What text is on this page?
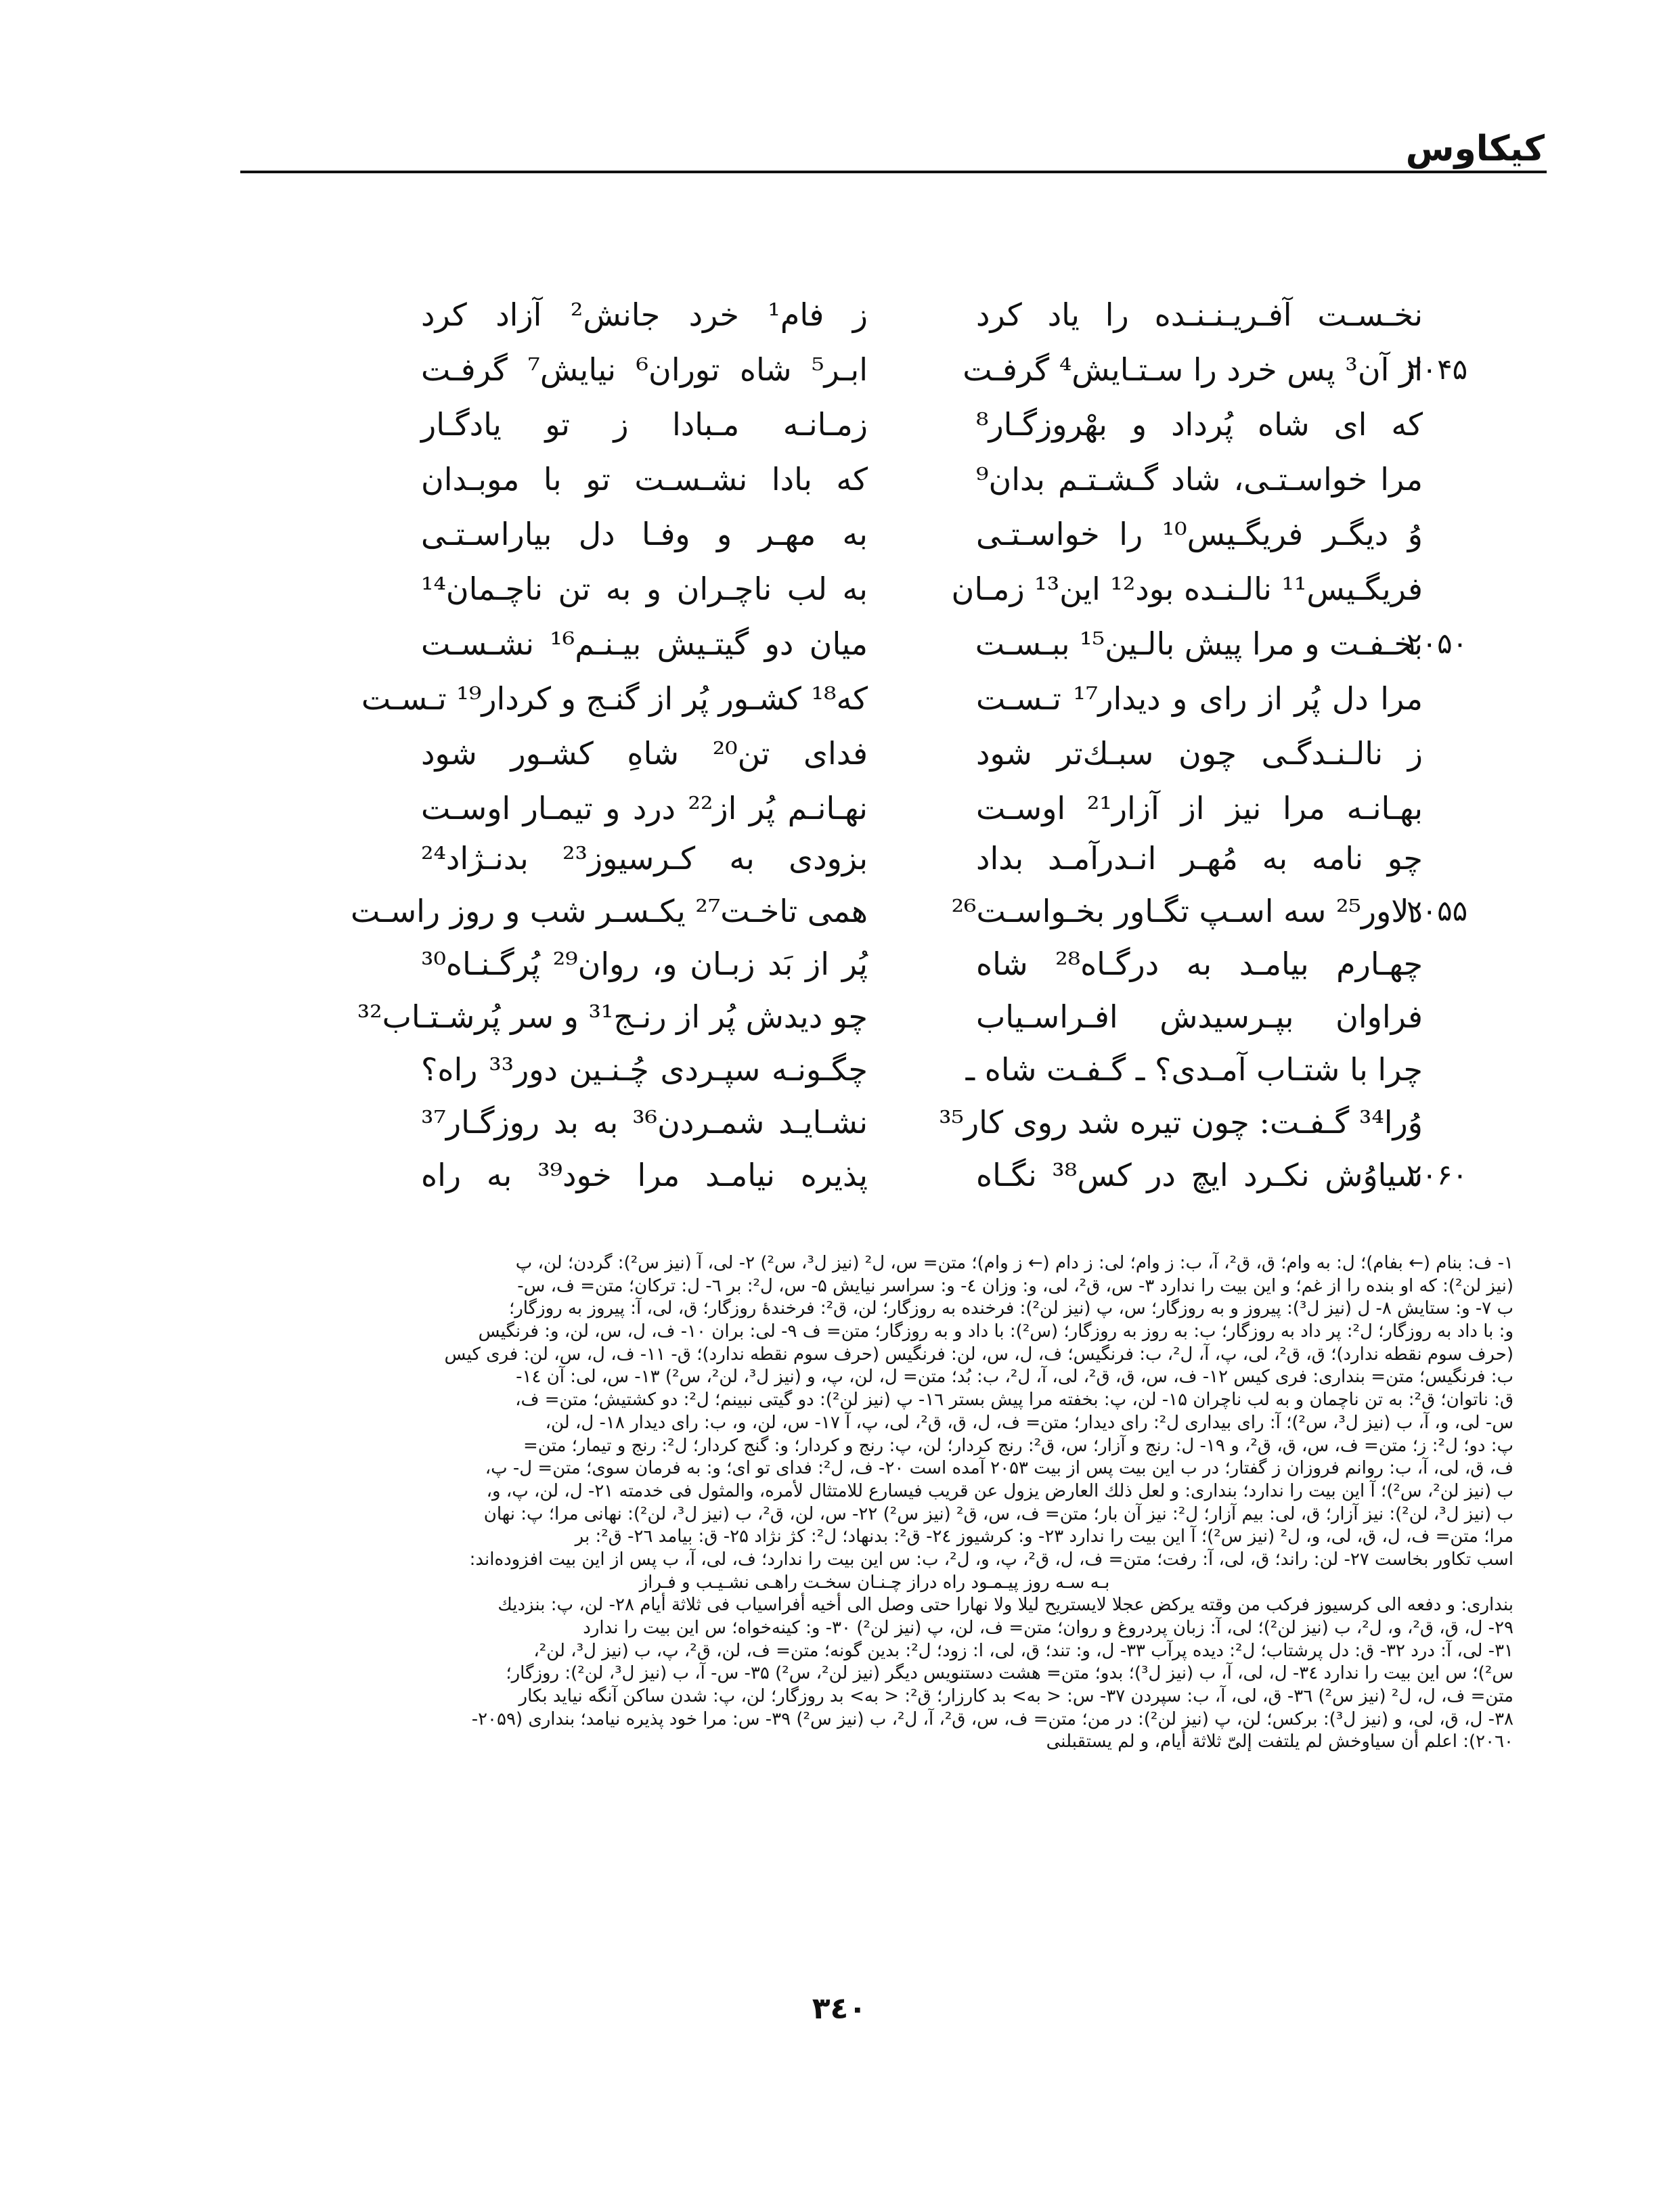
کیکاوس
نخـسـت آفـریـنـنـده را یاد کرد
ز فام¹ خرد جانش² آزاد کرد
از آن³ پس خرد را سـتـایش⁴ گرفـت
ابـر⁵ شاه توران⁶ نیایش⁷ گرفـت	۲۰۴۵
که ای شاه پُرداد و بهْروزگـار⁸
زمـانـه مـبادا ز تو یادگـار
مرا خواسـتـی، شاد گـشـتـم بدان⁹
که بادا نشـسـت تو با موبـدان
وُ دیگـر فریگـیس¹⁰ را خواسـتـی
به مهـر و وفـا دل بیاراسـتـی
فریگـیس¹¹ نالـنـده بود¹² این¹³ زمـان
به لب ناچـران و به تن ناچـمان¹⁴
بخـفـت و مرا پیش بالـین¹⁵ ببـسـت
میان دو گیتـیش بیـنـم¹⁶ نشـسـت	۲۰۵۰
مرا دل پُر از رای و دیدار¹⁷ تـسـت
که¹⁸ کشـور پُر از گنـج و کردار¹⁹ تـسـت
ز نالـنـدگـی چون سبـك‌تر شود
فدای تن²⁰ شاهِ کشـور شود
بهـانـه مرا نیز از آزار²¹ اوسـت
نهـانـم پُر از²² درد و تیمـار اوسـت
چو نامه به مُهـر انـدرآمـد بداد
بزودی به کـرسیوز²³ بدنـژاد²⁴
دلاور²⁵ سه اسـپ تگـاور بخـواسـت²⁶
همی تاخـت²⁷ یکـسـر شب و روز راسـت	۲۰۵۵
چهـارم بیامـد به درگـاه²⁸ شاه
پُر از بَد زبـان و، روان²⁹ پُرگـنـاه³⁰
فراوان بپـرسیدش افـراسـیاب
چو دیدش پُر از رنـج³¹ و سر پُرشـتـاب³²
چرا با شتـاب آمـدی؟ ـ گـفـت شاه ـ
چگـونـه سپـردی چُـنـین دور³³ راه؟
وُرا³⁴ گـفـت: چون تیره شد روی کار³⁵
نشـایـد شمـردن³⁶ به بد روزگـار³⁷
سیاوُش نکـرد ایچ در کس³⁸ نگـاه
پذیره نیامـد مرا خود³⁹ به راه	۲۰۶۰
۱- ف: بنام (← بفام)؛ ل: به وام؛ ق، ق²، آ، ب: ز وام؛ لی: ز دام (← ز وام)؛ متن= س، ل² (نیز ل³، س²) ۲- لی، آ (نیز س²): گردن؛ لن، پ
(نیز لن²): که او بنده را از غم؛ و این بیت را ندارد ۳- س، ق²، لی، و: وزان ٤- و: سراسر نیایش ۵- س، ل²: بر ٦- ل: ترکان؛ متن= ف، س-
ب ۷- و: ستایش ۸- ل (نیز ل³): پیروز و به روزگار؛ س، پ (نیز لن²): فرخنده به روزگار؛ لن، ق²: فرخندهٔ روزگار؛ ق، لی، آ: پیروز به روزگار؛
و: با داد به روزگار؛ ل²: پر داد به روزگار؛ ب: به روز به روزگار؛ (س²): با داد و به روزگار؛ متن= ف ۹- لی: بران ۱۰- ف، ل، س، لن، و: فرنگیس
(حرف سوم نقطه ندارد)؛ ق، ق²، لی، پ، آ، ل²، ب: فرنگیس؛ ف، ل، س، لن: فرنگیس (حرف سوم نقطه ندارد)؛ ق- ۱۱- ف، ل، س، لن: فری کیس
ب: فرنگیس؛ متن= بنداری: فری کیس ۱۲- ف، س، ق، ق²، لی، آ، ل²، ب: بُد؛ متن= ل، لن، پ، و (نیز ل³، لن²، س²) ۱۳- س، لی: آن ۱٤-
ق: ناتوان؛ ق²: به تن ناچمان و به لب ناچران ۱۵- لن، پ: بخفته مرا پیش بستر ۱٦- پ (نیز لن²): دو گیتی نبینم؛ ل²: دو کشتیش؛ متن= ف،
س- لی، و، آ، ب (نیز ل³، س²)؛ آ: رای بیداری ل²: رای دیدار؛ متن= ف، ل، ق، ق²، لی، پ، آ ۱۷- س، لن، و، ب: رای دیدار ۱۸- ل، لن،
پ: دو؛ ل²: ز؛ متن= ف، س، ق، ق²، و ۱۹- ل: رنج و آزار؛ س، ق²: رنج کردار؛ لن، پ: رنج و کردار؛ و: گنج کردار؛ ل²: رنج و تیمار؛ متن=
ف، ق، لی، آ، ب: روانم فروزان ز گفتار؛ در ب این بیت پس از بیت ۲۰۵۳ آمده است ۲۰- ف، ل²: فدای تو ای؛ و: به فرمان سوی؛ متن= ل- پ،
ب (نیز لن²، س²)؛ آ این بیت را ندارد؛ بنداری: و لعل ذلك العارض یزول عن قریب فیسارع للامتثال لأمره، والمثول فی خدمته ۲۱- ل، لن، پ، و،
ب (نیز ل³، لن²): نیز آزار؛ ق، لی: بیم آزار؛ ل²: نیز آن بار؛ متن= ف، س، ق² (نیز س²) ۲۲- س، لن، ق²، ب (نیز ل³، لن²): نهانی مرا؛ پ: نهان
مرا؛ متن= ف، ل، ق، لی، و، ل² (نیز س²)؛ آ این بیت را ندارد ۲۳- و: کرشیوز ۲٤- ق²: بدنهاد؛ ل²: کژ نژاد ۲۵- ق: بیامد ۲٦- ق²: بر
اسب تکاور بخاست ۲۷- لن: راند؛ ق، لی، آ: رفت؛ متن= ف، ل، ق²، پ، و، ل²، ب: س این بیت را ندارد؛ ف، لی، آ، ب پس از این بیت افزوده‌اند:
بـه سـه روز پیـمـود راه دراز چـنـان سخـت راهـی نشـیـب و فـراز
بنداری: و دفعه الی کرسیوز فرکب من وقته یرکض عجلا لایستریح لیلا ولا نهارا حتی وصل الی أخیه أفراسیاب فی ثلاثة أیام ۲۸- لن، پ: بنزدیك
۲۹- ل، ق، ق²، و، ل²، ب (نیز لن²)؛ لی، آ: زبان پردروغ و روان؛ متن= ف، لن، پ (نیز لن²) ۳۰- و: کینه‌خواه؛ س این بیت را ندارد
۳۱- لی، آ: درد ۳۲- ق: دل پرشتاب؛ ل²: دیده پرآب ۳۳- ل، و: تند؛ ق، لی، ا: زود؛ ل²: بدین گونه؛ متن= ف، لن، ق²، پ، ب (نیز ل³، لن²،
س²)؛ س این بیت را ندارد ۳٤- ل، لی، آ، ب (نیز ل³)؛ بدو؛ متن= هشت دستنویس دیگر (نیز لن²، س²) ۳۵- س- آ، ب (نیز ل³، لن²): روزگار؛
متن= ف، ل، ل² (نیز س²) ۳٦- ق، لی، آ، ب: سپردن ۳۷- س: < به> بد کارزار؛ ق²: < به> بد روزگار؛ لن، پ: شدن ساکن آنگه نیاید بکار
۳۸- ل، ق، لی، و (نیز ل³): برکس؛ لن، پ (نیز لن²): در من؛ متن= ف، س، ق²، آ، ل²، ب (نیز س²) ۳۹- س: مرا خود پذیره نیامد؛ بنداری (۲۰۵۹-
۲۰٦۰): اعلم أن سیاوخش لم یلتفت إلیّ ثلاثة أیام، و لم یستقبلنی
۳٤۰
